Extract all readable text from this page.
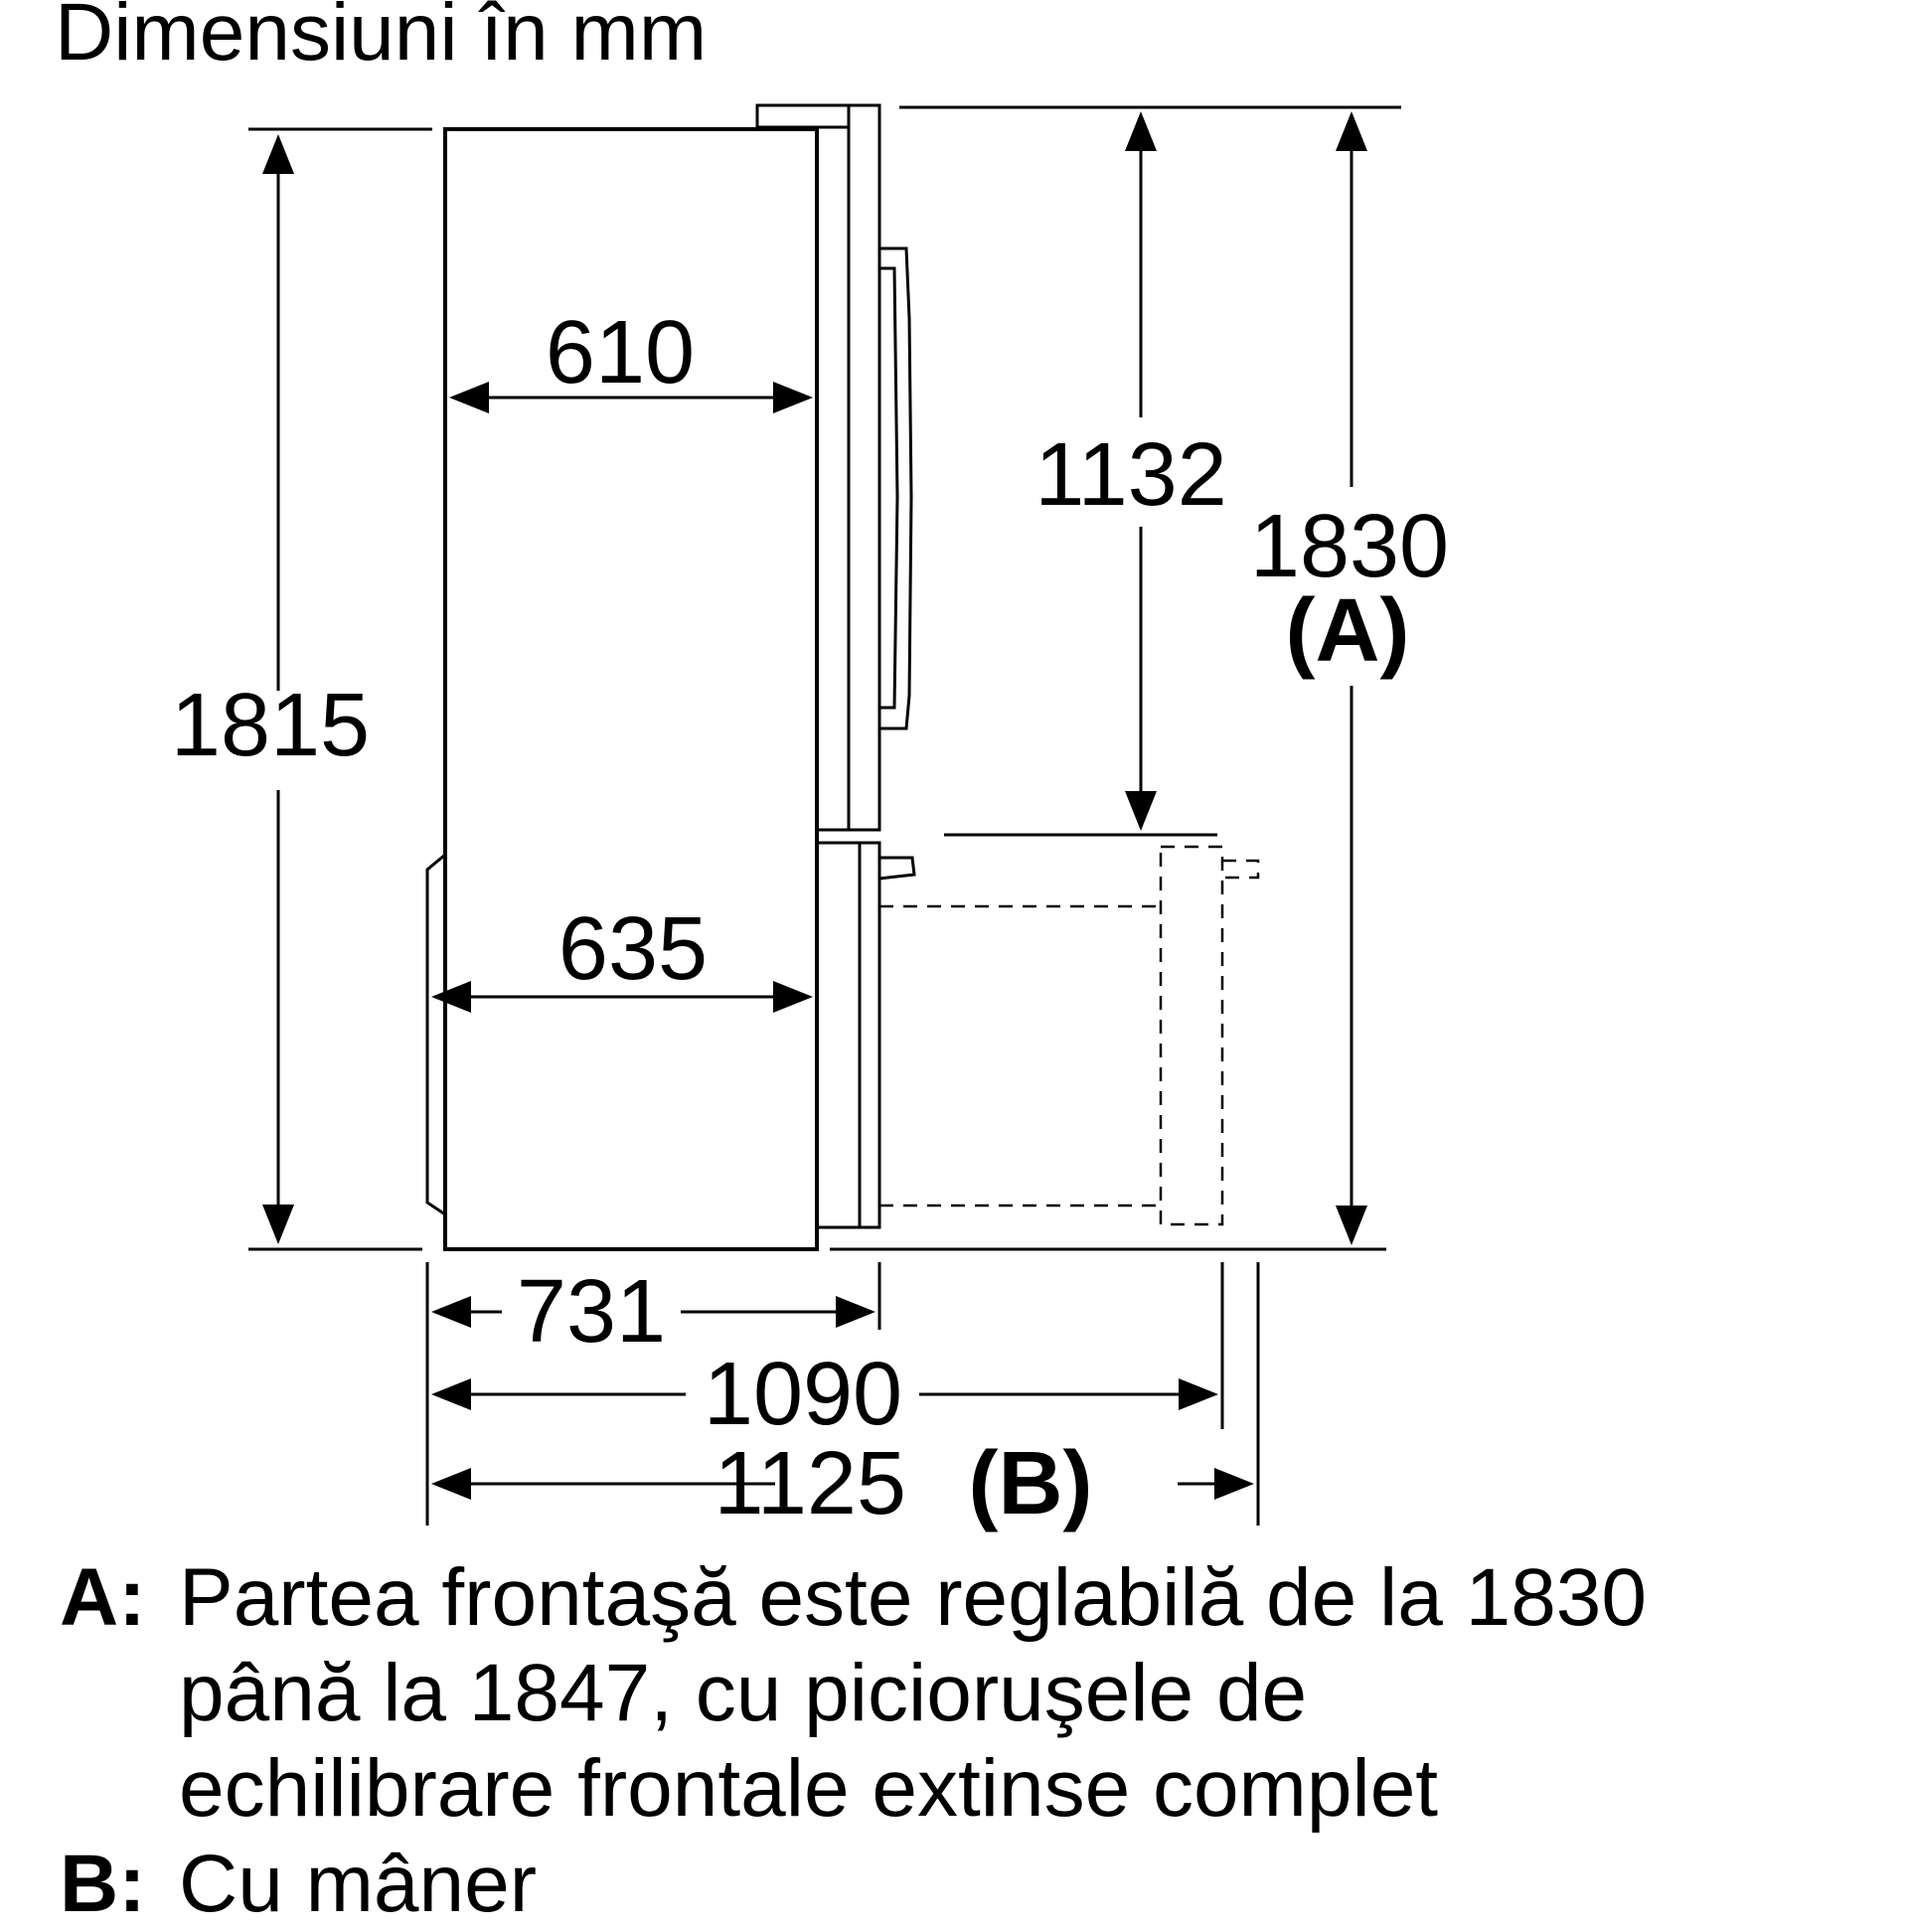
Dimensiuni în mm
1815
1132
1830
(A)
610
635
731
1090
1125 (B)
A: Partea frontaşă este reglabilă de la 1830
până la 1847, cu picioruşele de
echilibrare frontale extinse complet
B: Cu mâner
